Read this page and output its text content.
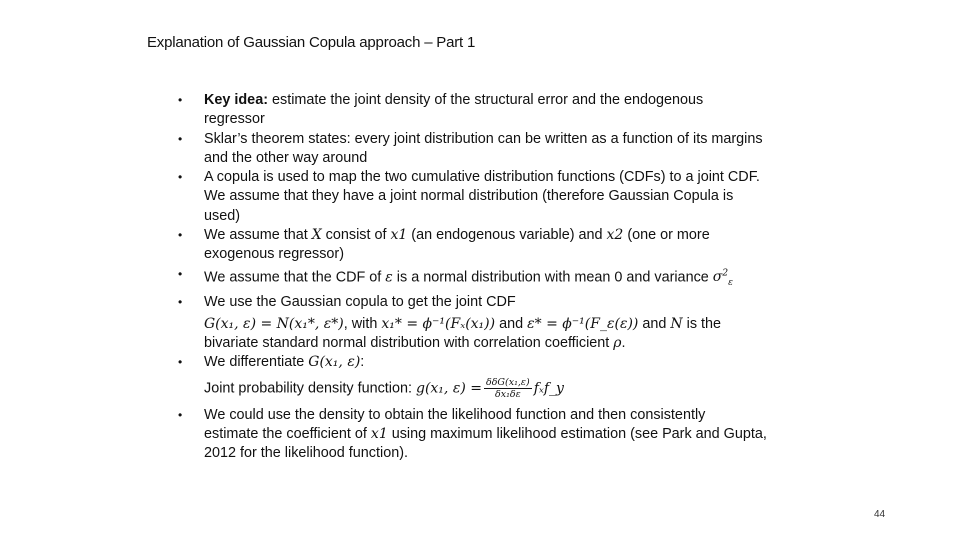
Explanation of Gaussian Copula approach – Part 1
• Key idea: estimate the joint density of the structural error and the endogenous
regressor
• Sklar’s theorem states: every joint distribution can be written as a function of its margins
and the other way around
• A copula is used to map the two cumulative distribution functions (CDFs) to a joint CDF.
We assume that they have a joint normal distribution (therefore Gaussian Copula is
used)
• We assume that X consist of x1 (an endogenous variable) and x2 (one or more
exogenous regressor)
• We assume that the CDF of ε is a normal distribution with mean 0 and variance $\sigma^2_\varepsilon$
• We use the Gaussian copula to get the joint CDF
G(x₁, ε) = N(x₁*, ε*), with x₁* = ϕ⁻¹(Fₓ(x₁)) and ε* = ϕ⁻¹(F_ε(ε)) and N is the
bivariate standard normal distribution with correlation coefficient ρ.
• We differentiate G(x₁, ε):
Joint probability density function: g(x₁, $\varepsilon) = \frac{\text{δδG(x₁,ε)}}{\text{δx₁δε}}$ fₓf_y
• We could use the density to obtain the likelihood function and then consistently
estimate the coefficient of x1 using maximum likelihood estimation (see Park and Gupta,
2012 for the likelihood function).
44
